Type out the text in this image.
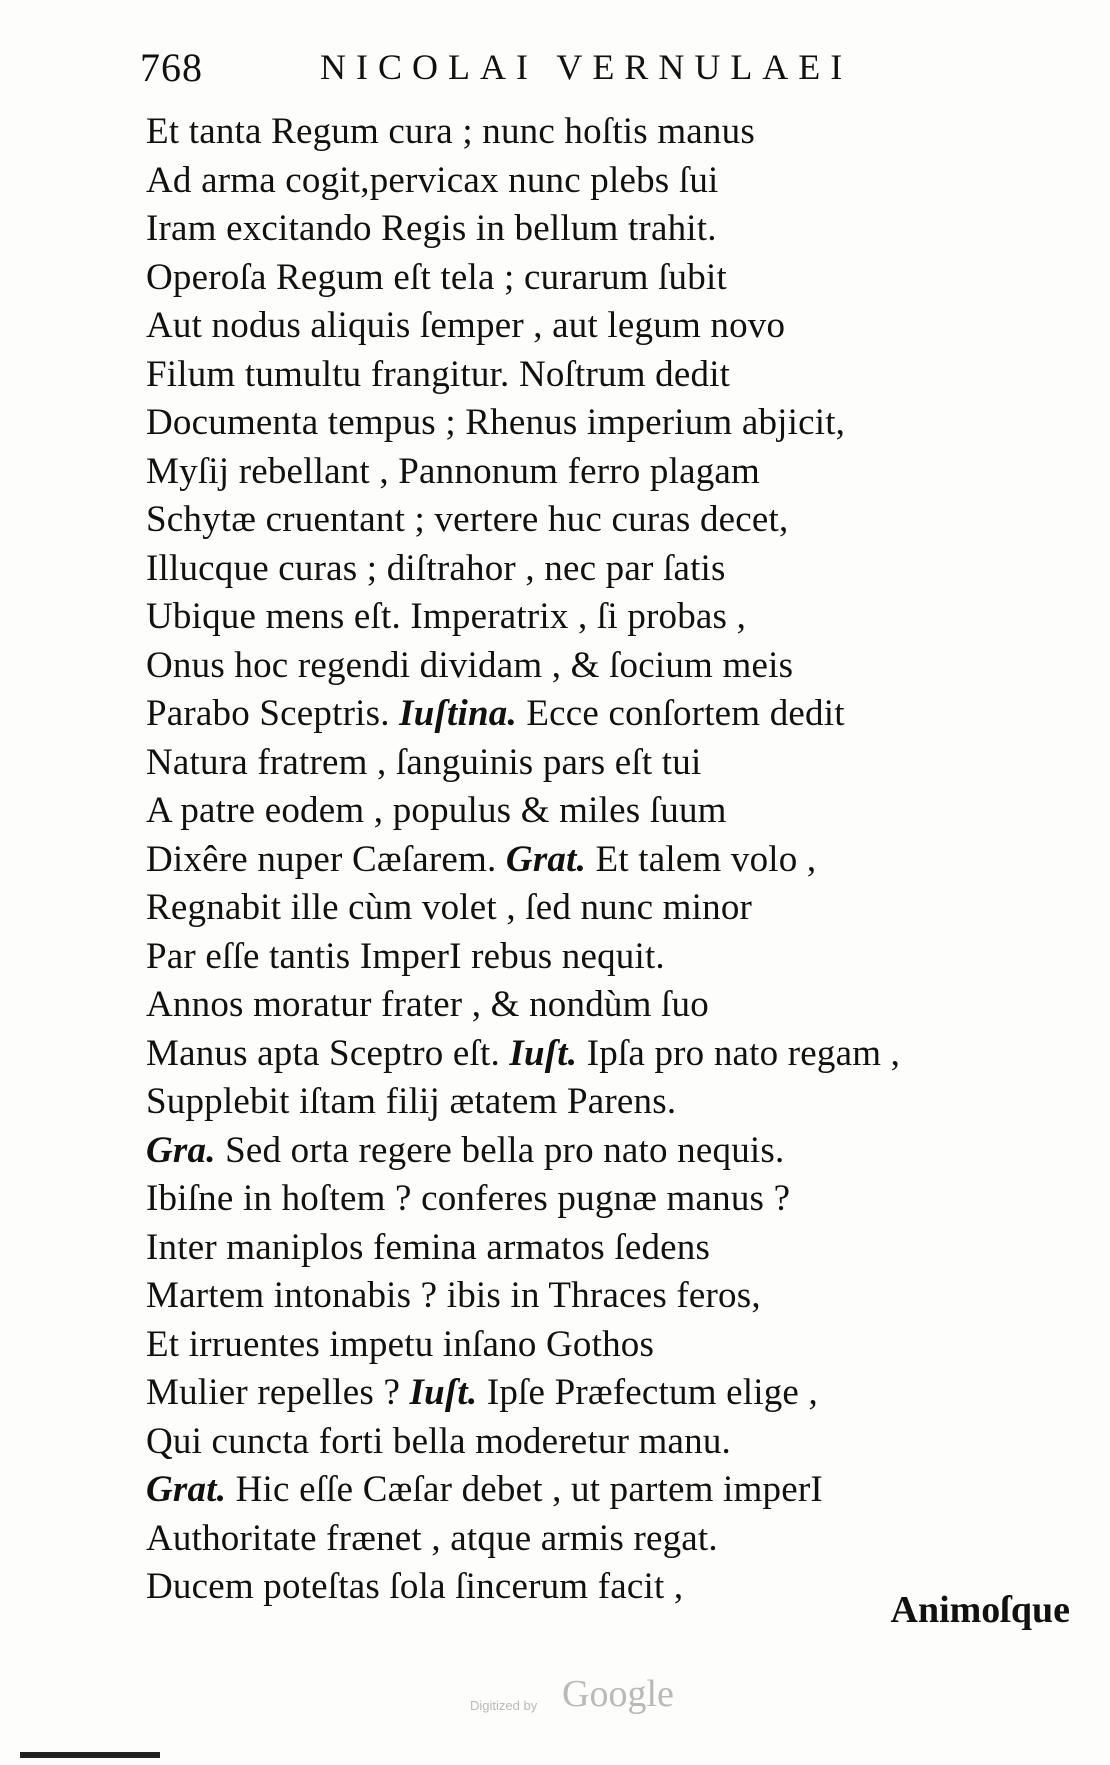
768	NICOLAI VERNULAEI
Et tanta Regum cura ; nunc hoſtis manus
Ad arma cogit,pervicax nunc plebs ſui
Iram excitando Regis in bellum trahit.
Operoſa Regum eſt tela ; curarum ſubit
Aut nodus aliquis ſemper , aut legum novo
Filum tumultu frangitur. Noſtrum dedit
Documenta tempus ; Rhenus imperium abjicit,
Myſij rebellant , Pannonum ferro plagam
Schytæ cruentant ; vertere huc curas decet,
Illucque curas ; diſtrahor , nec par ſatis
Ubique mens eſt. Imperatrix , ſi probas ,
Onus hoc regendi dividam , & ſocium meis
Parabo Sceptris. Iuſtina. Ecce conſortem dedit
Natura fratrem , ſanguinis pars eſt tui
A patre eodem , populus & miles ſuum
Dixêre nuper Cæſarem. Grat. Et talem volo ,
Regnabit ille cùm volet , ſed nunc minor
Par eſſe tantis ImperI rebus nequit.
Annos moratur frater , & nondùm ſuo
Manus apta Sceptro eſt. Iuſt. Ipſa pro nato regam ,
Supplebit iſtam filij ætatem Parens.
Gra. Sed orta regere bella pro nato nequis.
Ibiſne in hoſtem ? conferes pugnæ manus ?
Inter maniplos femina armatos ſedens
Martem intonabis ? ibis in Thraces feros,
Et irruentes impetu inſano Gothos
Mulier repelles ? Iuſt. Ipſe Præfectum elige ,
Qui cuncta forti bella moderetur manu.
Grat. Hic eſſe Cæſar debet , ut partem imperI
Authoritate frænet , atque armis regat.
Ducem poteſtas ſola ſincerum facit ,
Animoſque
Digitized by Google
